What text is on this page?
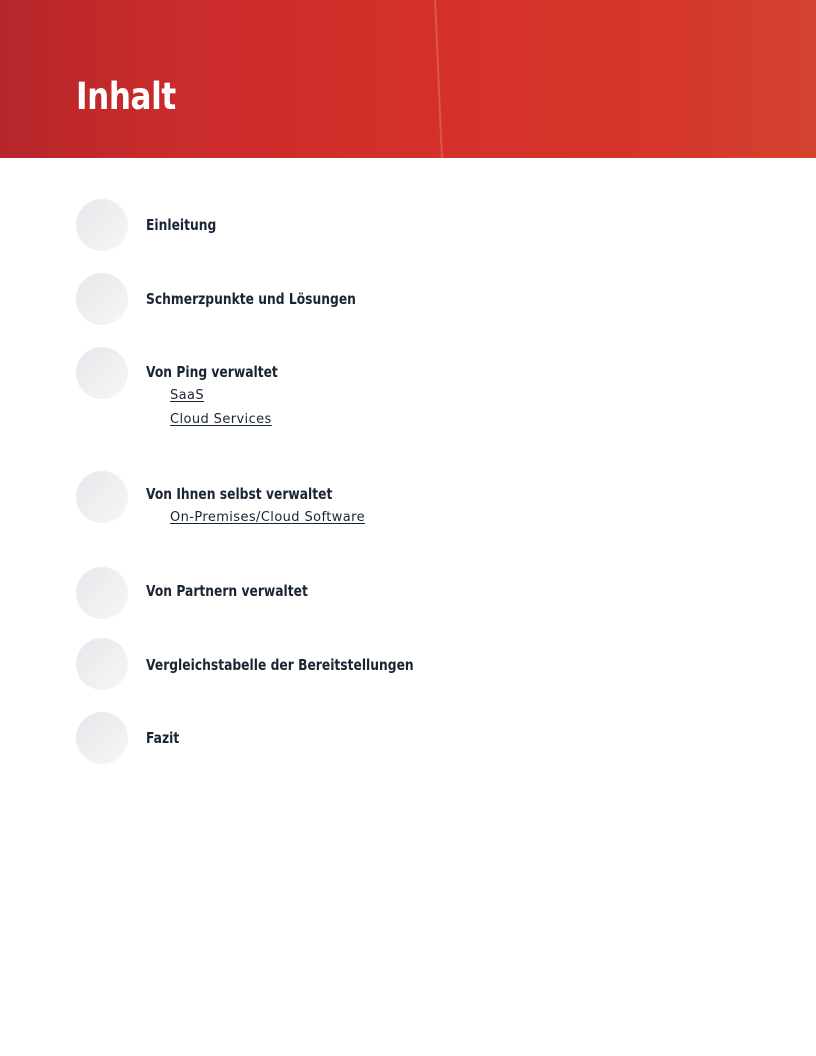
Inhalt
Einleitung
Schmerzpunkte und Lösungen
Von Ping verwaltet
SaaS
Cloud Services
Von Ihnen selbst verwaltet
On-Premises/Cloud Software
Von Partnern verwaltet
Vergleichstabelle der Bereitstellungen
Fazit
